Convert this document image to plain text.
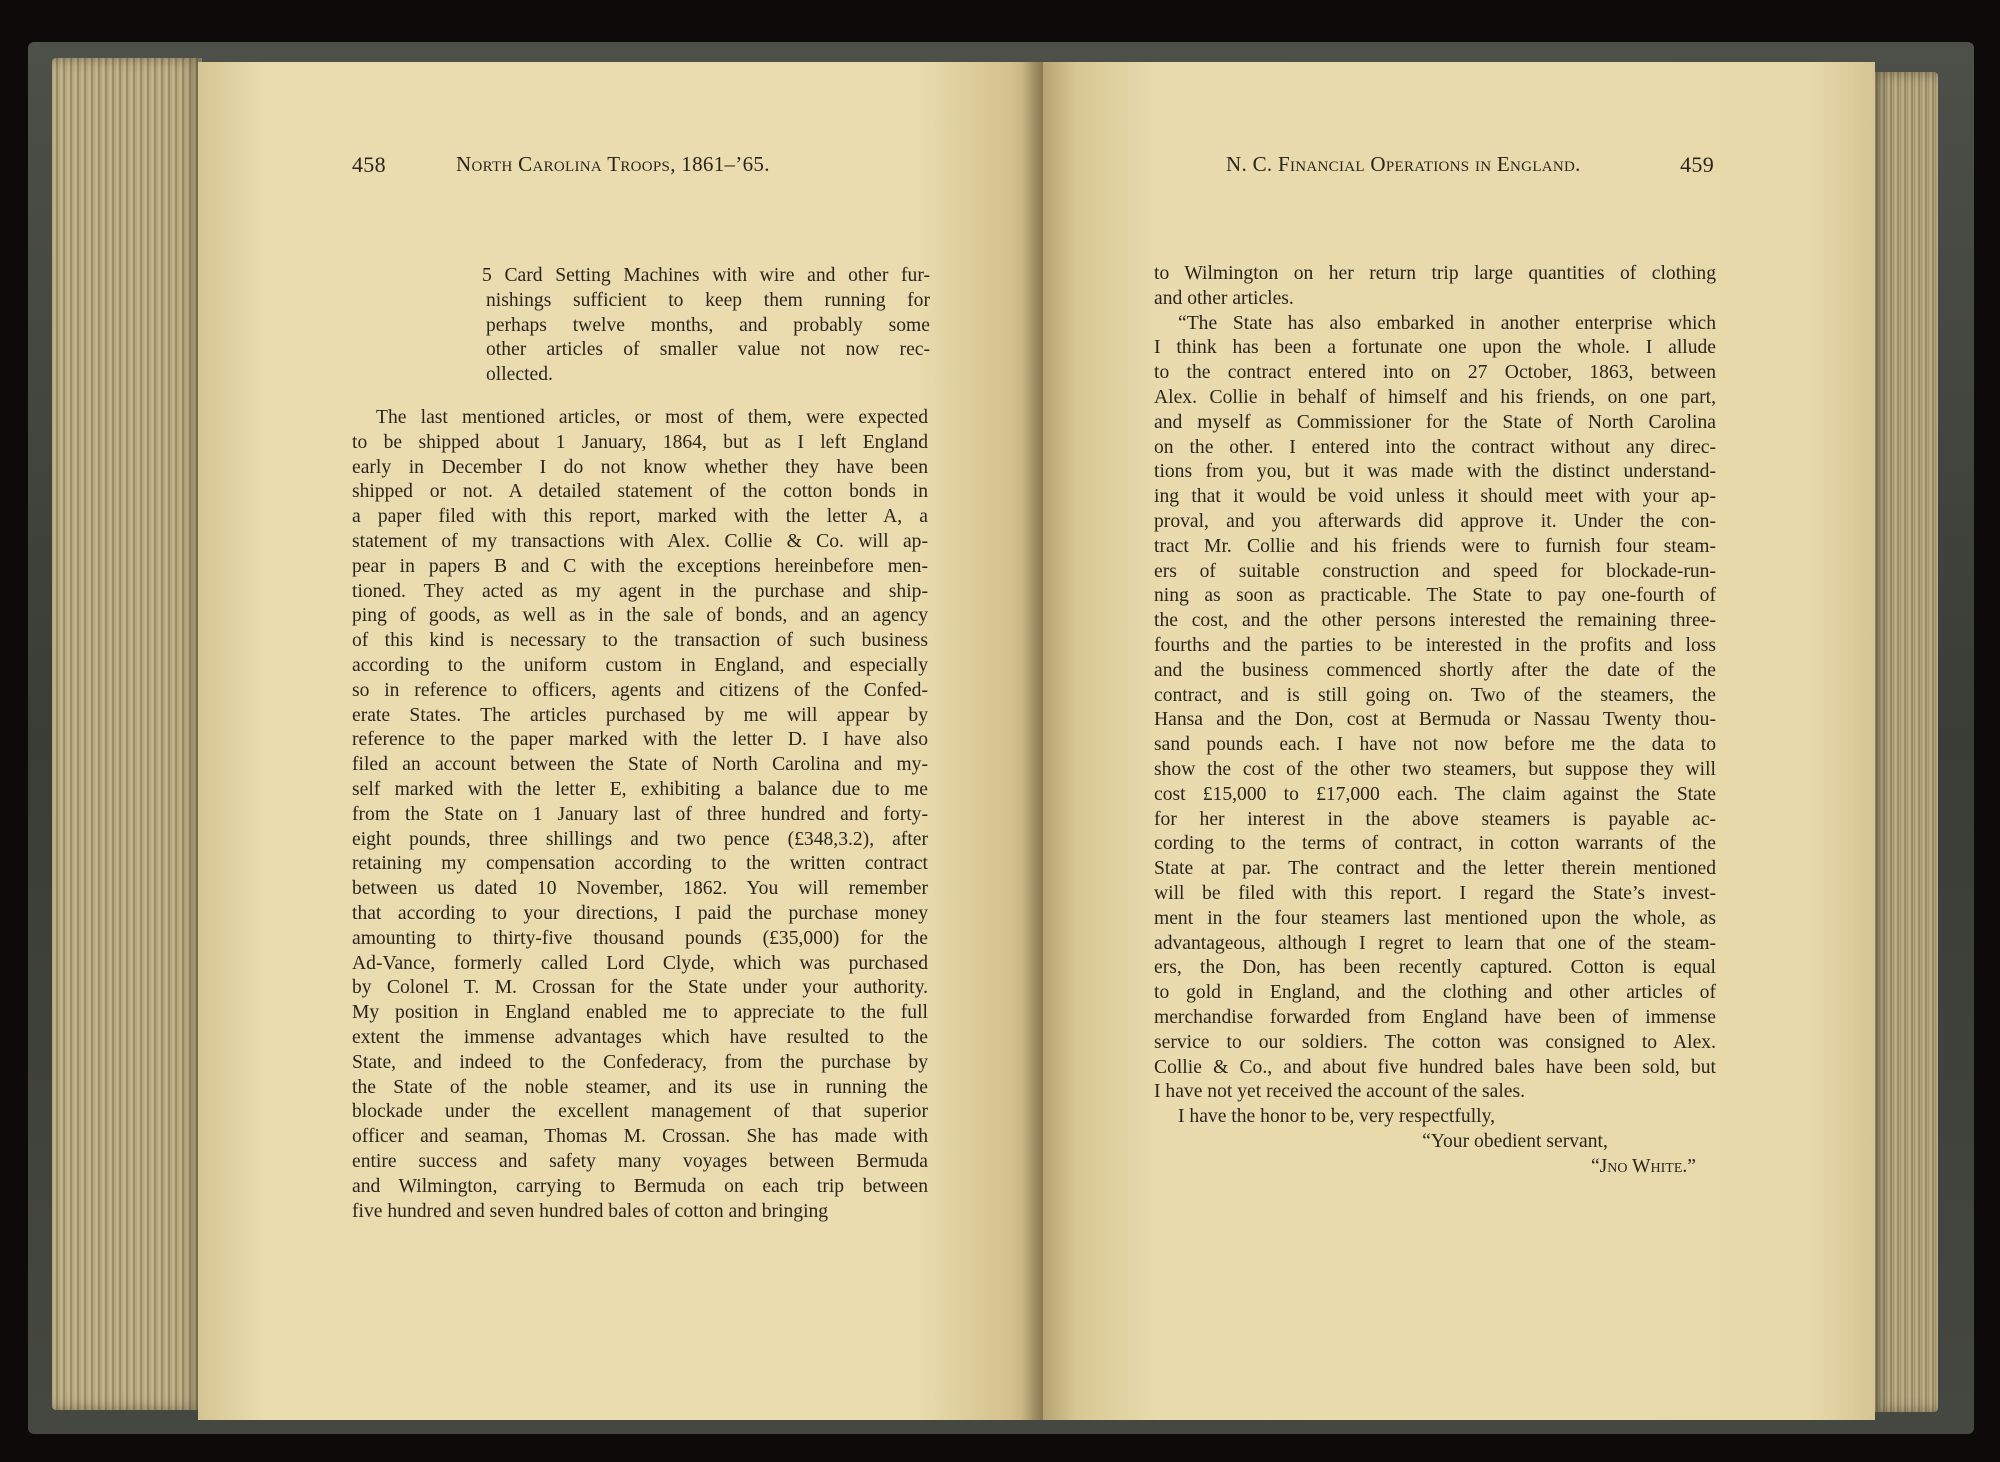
458	North Carolina Troops, 1861–’65.
5 Card Setting Machines with wire and other fur-
nishings sufficient to keep them running for
perhaps twelve months, and probably some
other articles of smaller value not now rec-
ollected.
The last mentioned articles, or most of them, were expected
to be shipped about 1 January, 1864, but as I left England
early in December I do not know whether they have been
shipped or not. A detailed statement of the cotton bonds in
a paper filed with this report, marked with the letter A, a
statement of my transactions with Alex. Collie & Co. will ap-
pear in papers B and C with the exceptions hereinbefore men-
tioned. They acted as my agent in the purchase and ship-
ping of goods, as well as in the sale of bonds, and an agency
of this kind is necessary to the transaction of such business
according to the uniform custom in England, and especially
so in reference to officers, agents and citizens of the Confed-
erate States. The articles purchased by me will appear by
reference to the paper marked with the letter D. I have also
filed an account between the State of North Carolina and my-
self marked with the letter E, exhibiting a balance due to me
from the State on 1 January last of three hundred and forty-
eight pounds, three shillings and two pence (£348,3.2), after
retaining my compensation according to the written contract
between us dated 10 November, 1862. You will remember
that according to your directions, I paid the purchase money
amounting to thirty-five thousand pounds (£35,000) for the
Ad-Vance, formerly called Lord Clyde, which was purchased
by Colonel T. M. Crossan for the State under your authority.
My position in England enabled me to appreciate to the full
extent the immense advantages which have resulted to the
State, and indeed to the Confederacy, from the purchase by
the State of the noble steamer, and its use in running the
blockade under the excellent management of that superior
officer and seaman, Thomas M. Crossan. She has made with
entire success and safety many voyages between Bermuda
and Wilmington, carrying to Bermuda on each trip between
five hundred and seven hundred bales of cotton and bringing
N. C. Financial Operations in England.	459
to Wilmington on her return trip large quantities of clothing
and other articles.
“The State has also embarked in another enterprise which
I think has been a fortunate one upon the whole. I allude
to the contract entered into on 27 October, 1863, between
Alex. Collie in behalf of himself and his friends, on one part,
and myself as Commissioner for the State of North Carolina
on the other. I entered into the contract without any direc-
tions from you, but it was made with the distinct understand-
ing that it would be void unless it should meet with your ap-
proval, and you afterwards did approve it. Under the con-
tract Mr. Collie and his friends were to furnish four steam-
ers of suitable construction and speed for blockade-run-
ning as soon as practicable. The State to pay one-fourth of
the cost, and the other persons interested the remaining three-
fourths and the parties to be interested in the profits and loss
and the business commenced shortly after the date of the
contract, and is still going on. Two of the steamers, the
Hansa and the Don, cost at Bermuda or Nassau Twenty thou-
sand pounds each. I have not now before me the data to
show the cost of the other two steamers, but suppose they will
cost £15,000 to £17,000 each. The claim against the State
for her interest in the above steamers is payable ac-
cording to the terms of contract, in cotton warrants of the
State at par. The contract and the letter therein mentioned
will be filed with this report. I regard the State’s invest-
ment in the four steamers last mentioned upon the whole, as
advantageous, although I regret to learn that one of the steam-
ers, the Don, has been recently captured. Cotton is equal
to gold in England, and the clothing and other articles of
merchandise forwarded from England have been of immense
service to our soldiers. The cotton was consigned to Alex.
Collie & Co., and about five hundred bales have been sold, but
I have not yet received the account of the sales.
I have the honor to be, very respectfully,
“Your obedient servant,
“Jno White.”
